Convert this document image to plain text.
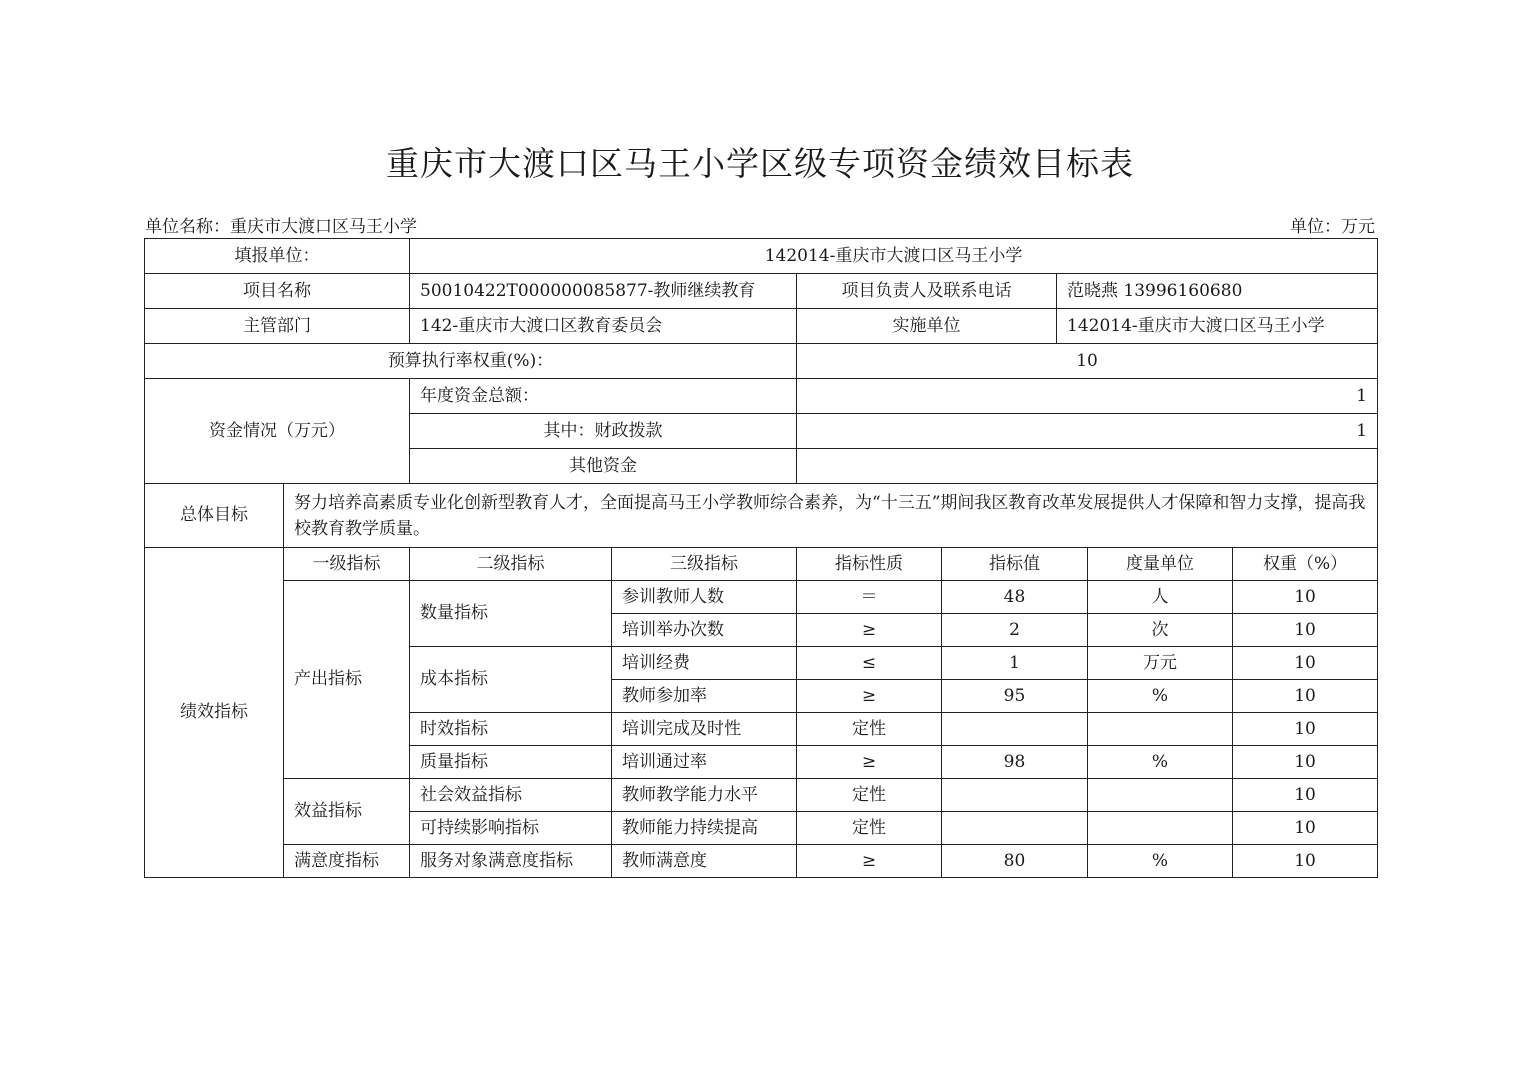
重庆市大渡口区马王小学区级专项资金绩效目标表
单位名称：重庆市大渡口区马王小学	单位：万元
填报单位：		142014-重庆市大渡口区马王小学						
项目名称		50010422T000000085877-教师继续教育		项目负责人及联系电话		范晓燕 13996160680		
主管部门		142-重庆市大渡口区教育委员会		实施单位		142014-重庆市大渡口区马王小学		
预算执行率权重(%)：				10				
资金情况（万元）		年度资金总额：		1				
		其中：财政拨款		1				
		其他资金						
总体目标	努力培养高素质专业化创新型教育人才，全面提高马王小学教师综合素养，为“十三五”期间我区教育改革发展提供人才保障和智力支撑，提高我校教育教学质量。							
绩效指标	一级指标	二级指标	三级指标	指标性质	指标值		度量单位	权重（%）
	产出指标	数量指标	参训教师人数	＝	48		人	10
			培训举办次数	≥	2		次	10
		成本指标	培训经费	≤	1		万元	10
			教师参加率	≥	95		%	10
		时效指标	培训完成及时性	定性				10
		质量指标	培训通过率	≥	98		%	10
	效益指标	社会效益指标	教师教学能力水平	定性				10
		可持续影响指标	教师能力持续提高	定性				10
	满意度指标	服务对象满意度指标	教师满意度	≥	80		%	10
